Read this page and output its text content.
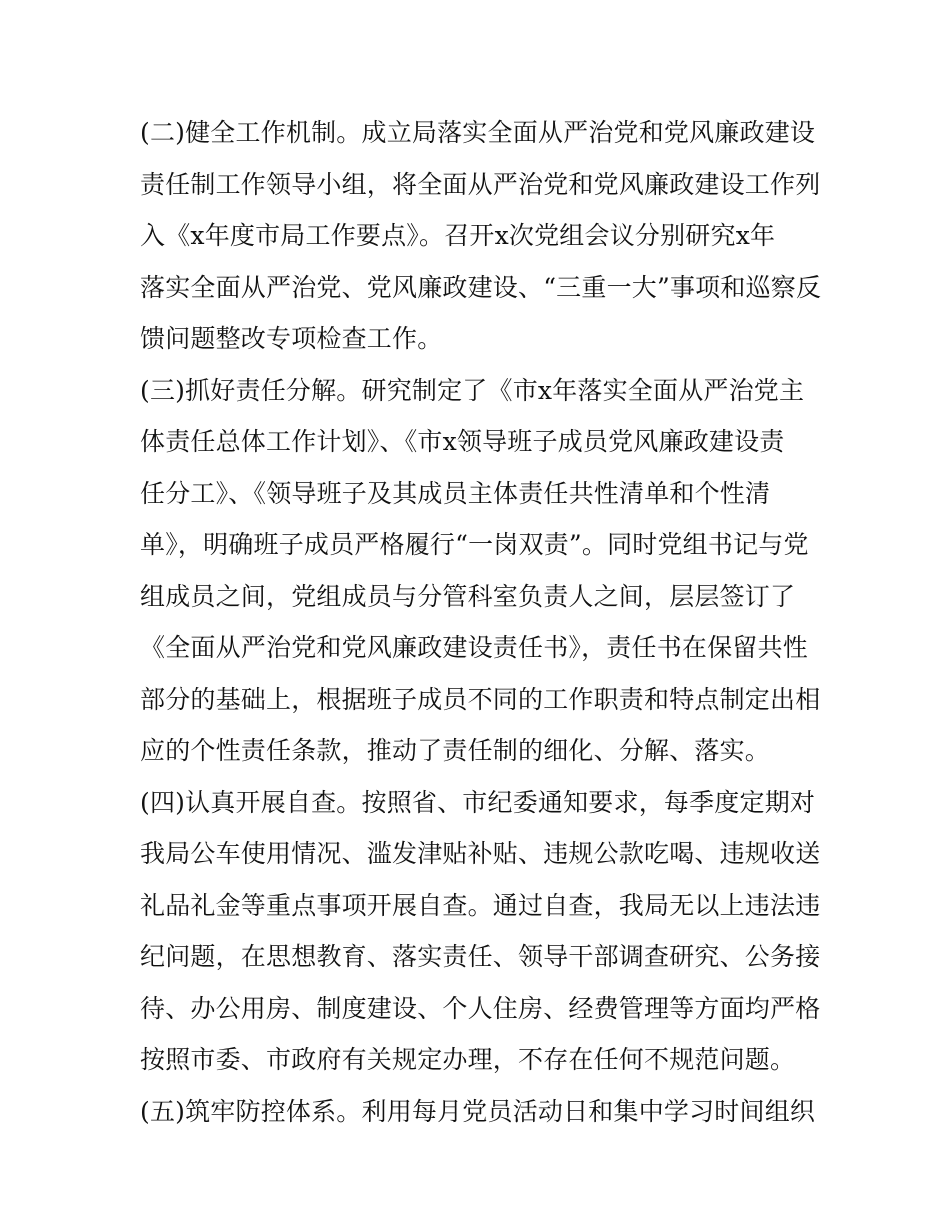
(二)健全工作机制。成立局落实全面从严治党和党风廉政建设
责任制工作领导小组，将全面从严治党和党风廉政建设工作列
入《x年度市局工作要点》。召开x次党组会议分别研究x年
落实全面从严治党、党风廉政建设、“三重一大”事项和巡察反
馈问题整改专项检查工作。
(三)抓好责任分解。研究制定了《市x年落实全面从严治党主
体责任总体工作计划》、《市x领导班子成员党风廉政建设责
任分工》、《领导班子及其成员主体责任共性清单和个性清
单》，明确班子成员严格履行“一岗双责”。同时党组书记与党
组成员之间，党组成员与分管科室负责人之间，层层签订了
《全面从严治党和党风廉政建设责任书》，责任书在保留共性
部分的基础上，根据班子成员不同的工作职责和特点制定出相
应的个性责任条款，推动了责任制的细化、分解、落实。
(四)认真开展自查。按照省、市纪委通知要求，每季度定期对
我局公车使用情况、滥发津贴补贴、违规公款吃喝、违规收送
礼品礼金等重点事项开展自查。通过自查，我局无以上违法违
纪问题，在思想教育、落实责任、领导干部调查研究、公务接
待、办公用房、制度建设、个人住房、经费管理等方面均严格
按照市委、市政府有关规定办理，不存在任何不规范问题。
(五)筑牢防控体系。利用每月党员活动日和集中学习时间组织
